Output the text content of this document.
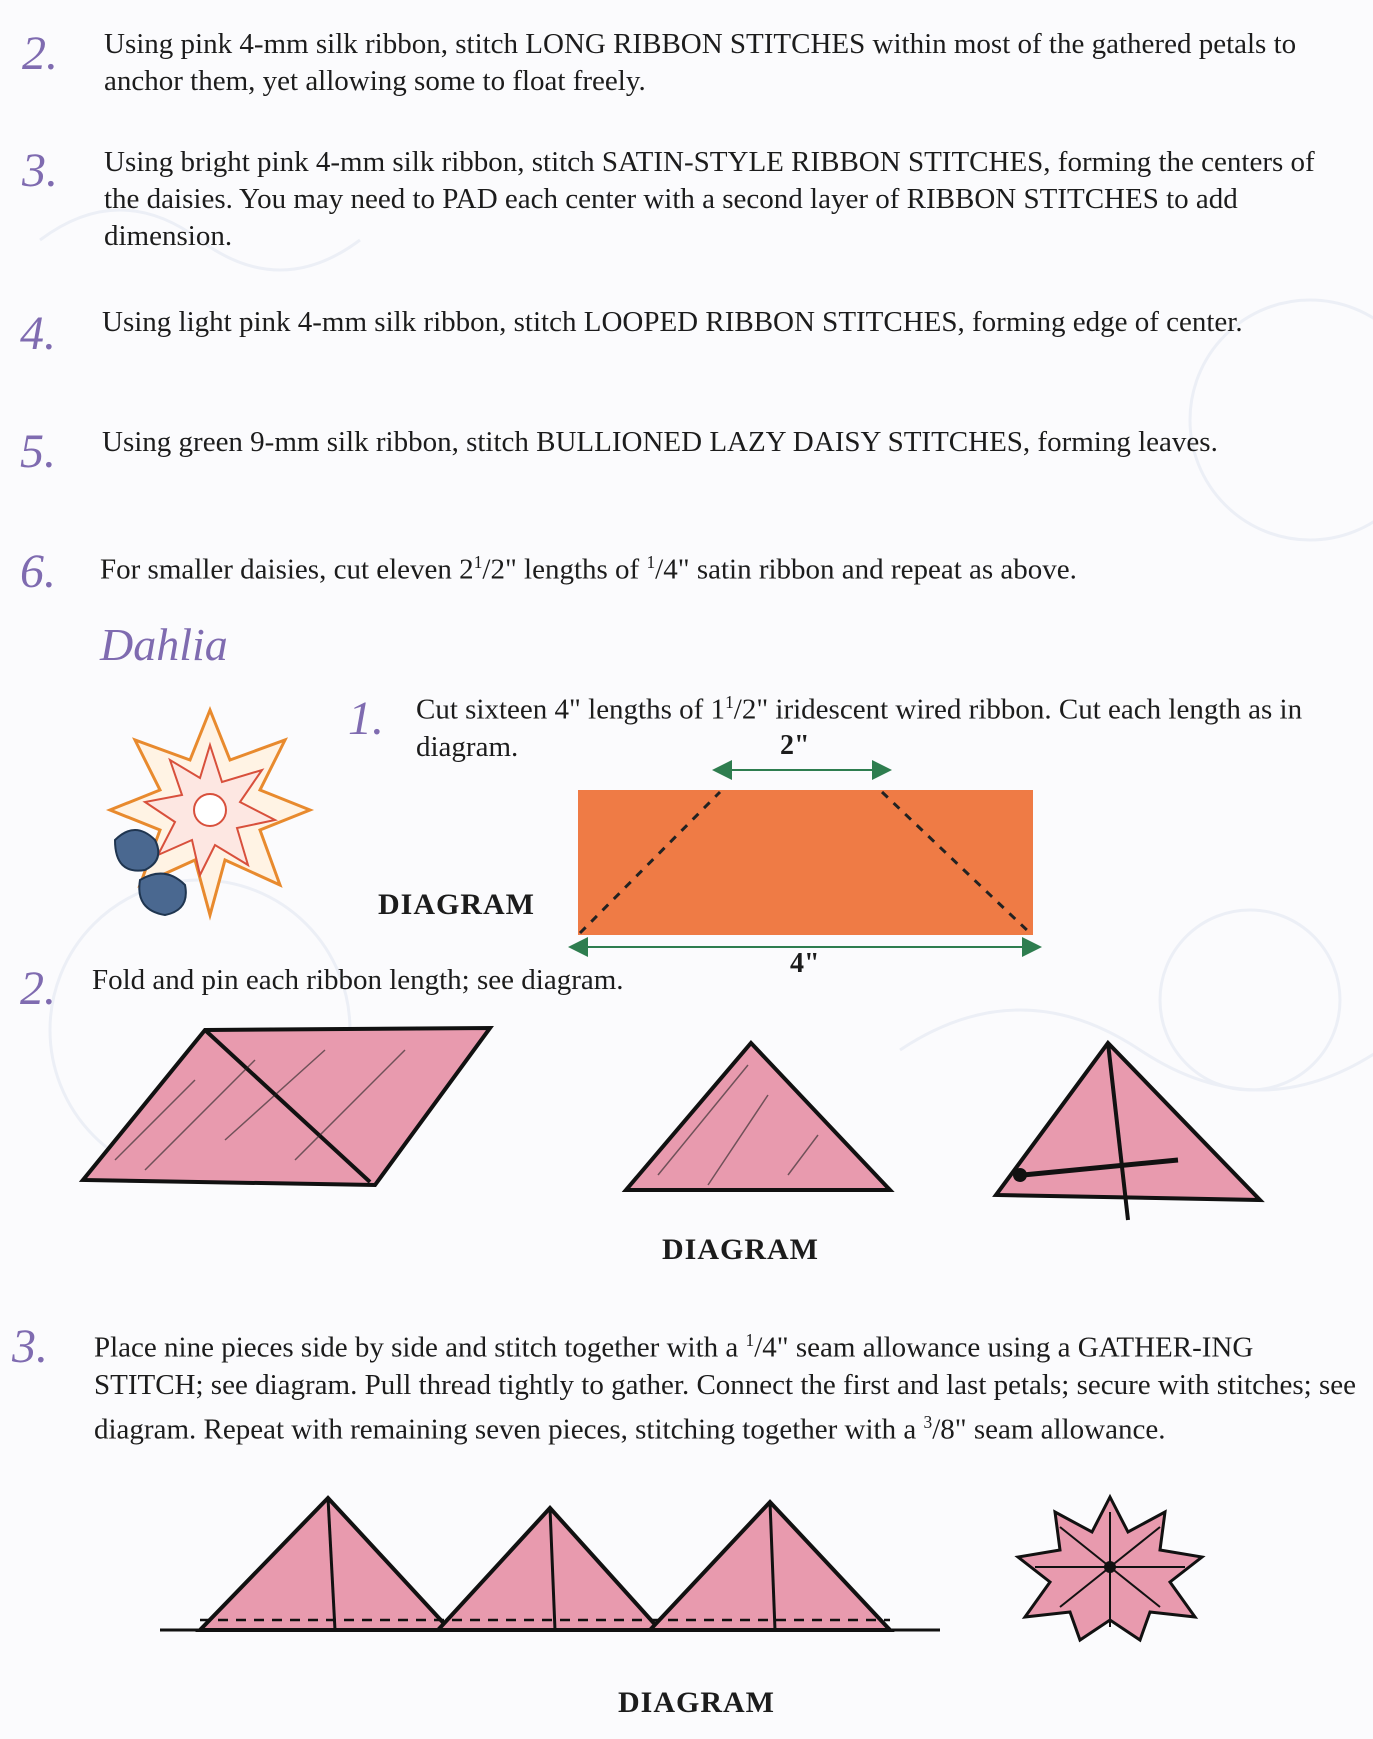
2. Using pink 4-mm silk ribbon, stitch LONG RIBBON STITCHES within most of the gathered petals to anchor them, yet allowing some to float freely.
3. Using bright pink 4-mm silk ribbon, stitch SATIN-STYLE RIBBON STITCHES, forming the centers of the daisies. You may need to PAD each center with a second layer of RIBBON STITCHES to add dimension.
4. Using light pink 4-mm silk ribbon, stitch LOOPED RIBBON STITCHES, forming edge of center.
5. Using green 9-mm silk ribbon, stitch BULLIONED LAZY DAISY STITCHES, forming leaves.
6. For smaller daisies, cut eleven $2^1/2$" lengths of $^1$/4" satin ribbon and repeat as above.
Dahlia
1. Cut sixteen 4" lengths of $1^1/2$" iridescent wired ribbon. Cut each length as in diagram.	2"
DIAGRAM
4"
2. Fold and pin each ribbon length; see diagram.
DIAGRAM
3. Place nine pieces side by side and stitch together with a $^1$/4" seam allowance using a GATHER-ING STITCH; see diagram. Pull thread tightly to gather. Connect the first and last petals; secure with stitches; see diagram. Repeat with remaining seven pieces, stitching together with a $^3$/8" seam allowance.
DIAGRAM
